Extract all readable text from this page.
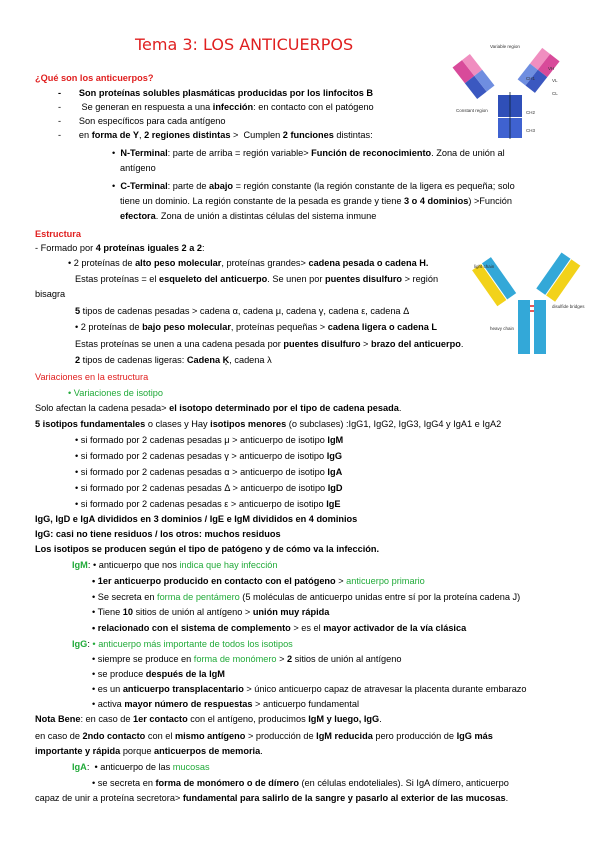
Tema 3: LOS ANTICUERPOS	Variable region
VH
CH1	VL
CL
Constant region	CH2
CH3
light chain
heavy chain
disulfide bridges
¿Qué son los anticuerpos?
-       Son proteínas solubles plasmáticas producidas por los linfocitos B
-        Se generan en respuesta a una infección: en contacto con el patógeno
-       Son específicos para cada antígeno
-       en forma de Y, 2 regiones distintas >  Cumplen 2 funciones distintas:
•  N-Terminal: parte de arriba = región variable> Función de reconocimiento. Zona de unión al
antígeno
•  C-Terminal: parte de abajo = región constante (la región constante de la ligera es pequeña; solo
tiene un dominio. La región constante de la pesada es grande y tiene 3 o 4 dominios) >Función
efectora. Zona de unión a distintas células del sistema inmune
Estructura
- Formado por 4 proteínas iguales 2 a 2:
• 2 proteínas de alto peso molecular, proteínas grandes> cadena pesada o cadena H.
Estas proteínas = el esqueleto del anticuerpo. Se unen por puentes disulfuro > región
bisagra
5 tipos de cadenas pesadas > cadena α, cadena μ, cadena γ, cadena ε, cadena Δ
• 2 proteínas de bajo peso molecular, proteínas pequeñas > cadena ligera o cadena L
Estas proteínas se unen a una cadena pesada por puentes disulfuro > brazo del anticuerpo.
2 tipos de cadenas ligeras: Cadena Ķ, cadena λ
Variaciones en la estructura
• Variaciones de isotipo
Solo afectan la cadena pesada> el isotopo determinado por el tipo de cadena pesada.
5 isotipos fundamentales o clases y Hay isotipos menores (o subclases) :IgG1, IgG2, IgG3, IgG4 y IgA1 e IgA2
• si formado por 2 cadenas pesadas μ > anticuerpo de isotipo IgM
• si formado por 2 cadenas pesadas γ > anticuerpo de isotipo IgG
• si formado por 2 cadenas pesadas α > anticuerpo de isotipo IgA
• si formado por 2 cadenas pesadas Δ > anticuerpo de isotipo IgD
• si formado por 2 cadenas pesadas ε > anticuerpo de isotipo IgE
IgG, IgD e IgA divididos en 3 dominios / IgE e IgM divididos en 4 dominios
IgG: casi no tiene residuos / los otros: muchos residuos
Los isotipos se producen según el tipo de patógeno y de cómo va la infección.
IgM: • anticuerpo que nos indica que hay infección
• 1er anticuerpo producido en contacto con el patógeno > anticuerpo primario
• Se secreta en forma de pentámero (5 moléculas de anticuerpo unidas entre sí por la proteína cadena J)
• Tiene 10 sitios de unión al antígeno > unión muy rápida
• relacionado con el sistema de complemento > es el mayor activador de la vía clásica
IgG: • anticuerpo más importante de todos los isotipos
• siempre se produce en forma de monómero > 2 sitios de unión al antígeno
• se produce después de la IgM
• es un anticuerpo transplacentario > único anticuerpo capaz de atravesar la placenta durante embarazo
• activa mayor número de respuestas > anticuerpo fundamental
Nota Bene: en caso de 1er contacto con el antígeno, producimos IgM y luego, IgG.
en caso de 2ndo contacto con el mismo antígeno > producción de IgM reducida pero producción de IgG más
importante y rápida porque anticuerpos de memoria.
IgA:  • anticuerpo de las mucosas
• se secreta en forma de monómero o de dímero (en células endoteliales). Si IgA dímero, anticuerpo
capaz de unir a proteína secretora> fundamental para salirlo de la sangre y pasarlo al exterior de las mucosas.
